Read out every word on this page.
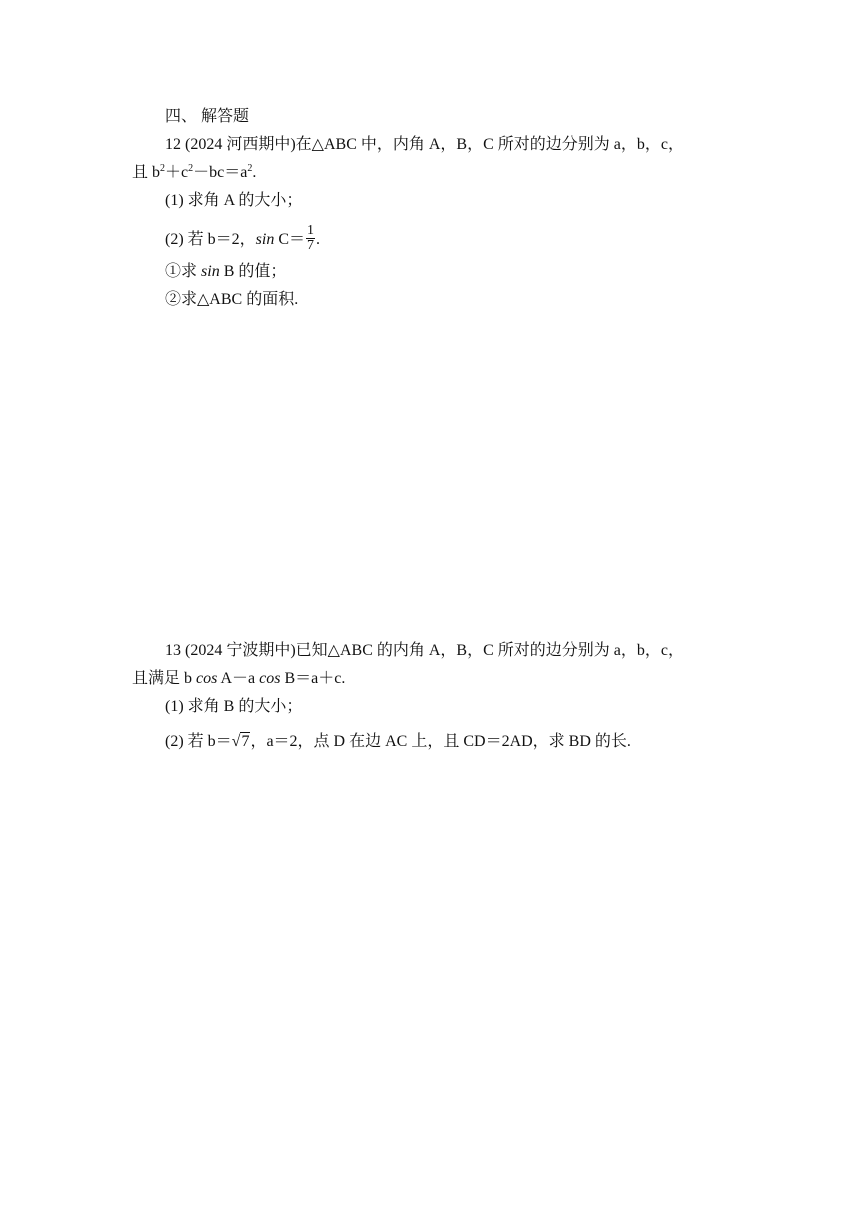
四、 解答题
12 (2024 河西期中)在△ABC 中，内角 A，B，C 所对的边分别为 a，b，c，
且 $b^2+c^2-bc=a^2$.
(1) 求角 A 的大小；
(2) 若 b＝2，$\sin C= \frac{1}{7}$ .
①求 sin B 的值；
②求△ABC 的面积.
13 (2024 宁波期中)已知△ABC 的内角 A，B，C 所对的边分别为 a，b，c，
且满足 b cos A－a cos B＝a＋c.
(1) 求角 B 的大小；
(2) 若 b＝√7，a＝2，点 D 在边 AC 上，且 CD＝2AD，求 BD 的长.
